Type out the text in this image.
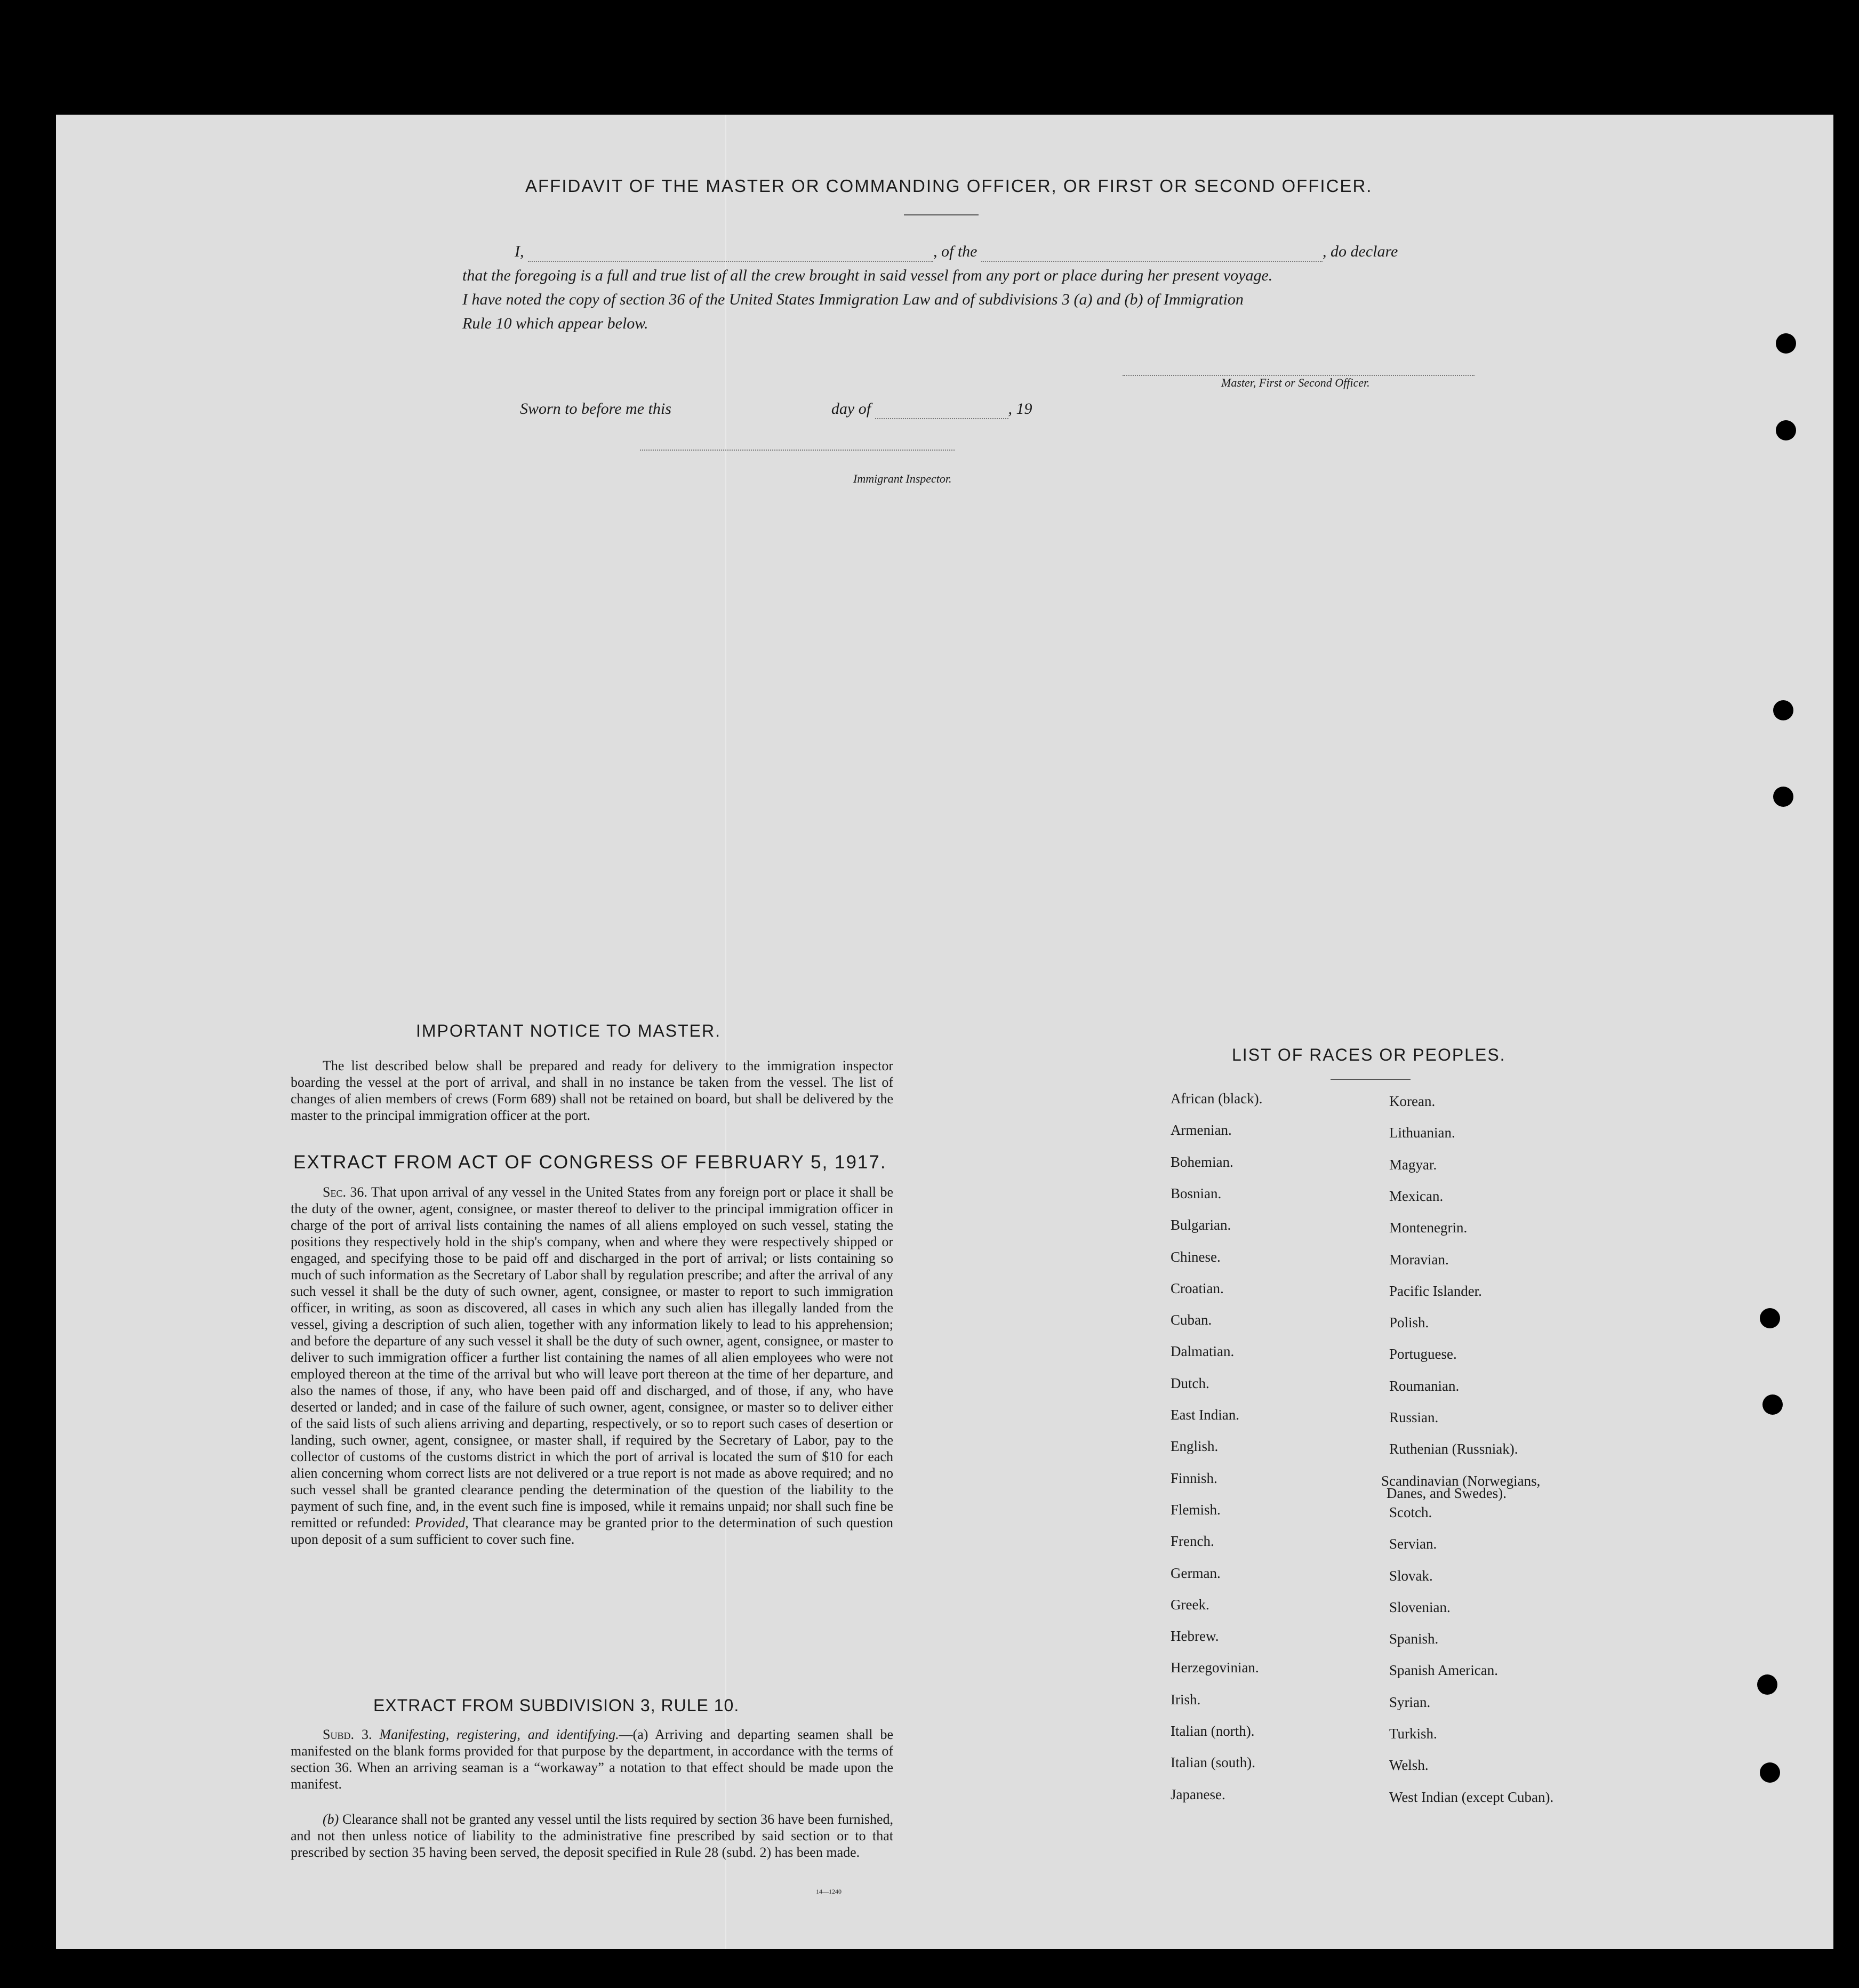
AFFIDAVIT OF THE MASTER OR COMMANDING OFFICER, OR FIRST OR SECOND OFFICER.
I,	, of the	, do declare
that the foregoing is a full and true list of all the crew brought in said vessel from any port or place during her present voyage.
I have noted the copy of section 36 of the United States Immigration Law and of subdivisions 3 (a) and (b) of Immigration
Rule 10 which appear below.

Master, First or Second Officer.
Sworn to before me this	day of	, 19

Immigrant Inspector.
IMPORTANT NOTICE TO MASTER.
The list described below shall be prepared and ready for delivery to the immigration inspector boarding the vessel at the port of arrival, and shall in no instance be taken from the vessel. The list of changes of alien members of crews (Form 689) shall not be retained on board, but shall be delivered by the master to the principal immigration officer at the port.
EXTRACT FROM ACT OF CONGRESS OF FEBRUARY 5, 1917.
Sec. 36. That upon arrival of any vessel in the United States from any foreign port or place it shall be the duty of the owner, agent, consignee, or master thereof to deliver to the principal immigration officer in charge of the port of arrival lists containing the names of all aliens employed on such vessel, stating the positions they respectively hold in the ship's company, when and where they were respectively shipped or engaged, and specifying those to be paid off and discharged in the port of arrival; or lists containing so much of such information as the Secretary of Labor shall by regulation prescribe; and after the arrival of any such vessel it shall be the duty of such owner, agent, consignee, or master to report to such immigration officer, in writing, as soon as discovered, all cases in which any such alien has illegally landed from the vessel, giving a description of such alien, together with any information likely to lead to his apprehension; and before the departure of any such vessel it shall be the duty of such owner, agent, consignee, or master to deliver to such immigration officer a further list containing the names of all alien employees who were not employed thereon at the time of the arrival but who will leave port thereon at the time of her departure, and also the names of those, if any, who have been paid off and discharged, and of those, if any, who have deserted or landed; and in case of the failure of such owner, agent, consignee, or master so to deliver either of the said lists of such aliens arriving and departing, respectively, or so to report such cases of desertion or landing, such owner, agent, consignee, or master shall, if required by the Secretary of Labor, pay to the collector of customs of the customs district in which the port of arrival is located the sum of $10 for each alien concerning whom correct lists are not delivered or a true report is not made as above required; and no such vessel shall be granted clearance pending the determination of the question of the liability to the payment of such fine, and, in the event such fine is imposed, while it remains unpaid; nor shall such fine be remitted or refunded: Provided, That clearance may be granted prior to the determination of such question upon deposit of a sum sufficient to cover such fine.
EXTRACT FROM SUBDIVISION 3, RULE 10.
Subd. 3. Manifesting, registering, and identifying.—(a) Arriving and departing seamen shall be manifested on the blank forms provided for that purpose by the department, in accordance with the terms of section 36. When an arriving seaman is a “workaway” a notation to that effect should be made upon the manifest.
(b) Clearance shall not be granted any vessel until the lists required by section 36 have been furnished, and not then unless notice of liability to the administrative fine prescribed by said section or to that prescribed by section 35 having been served, the deposit specified in Rule 28 (subd. 2) has been made.
14—1240
LIST OF RACES OR PEOPLES.
Danes, and Swedes).
African (black).
Armenian.
Bohemian.
Bosnian.
Bulgarian.
Chinese.
Croatian.
Cuban.
Dalmatian.
Dutch.
East Indian.
English.
Finnish.
Flemish.
French.
German.
Greek.
Hebrew.
Herzegovinian.
Irish.
Italian (north).
Italian (south).
Japanese.
Korean.
Lithuanian.
Magyar.
Mexican.
Montenegrin.
Moravian.
Pacific Islander.
Polish.
Portuguese.
Roumanian.
Russian.
Ruthenian (Russniak).
Scandinavian (Norwegians,
Scotch.
Servian.
Slovak.
Slovenian.
Spanish.
Spanish American.
Syrian.
Turkish.
Welsh.
West Indian (except Cuban).
